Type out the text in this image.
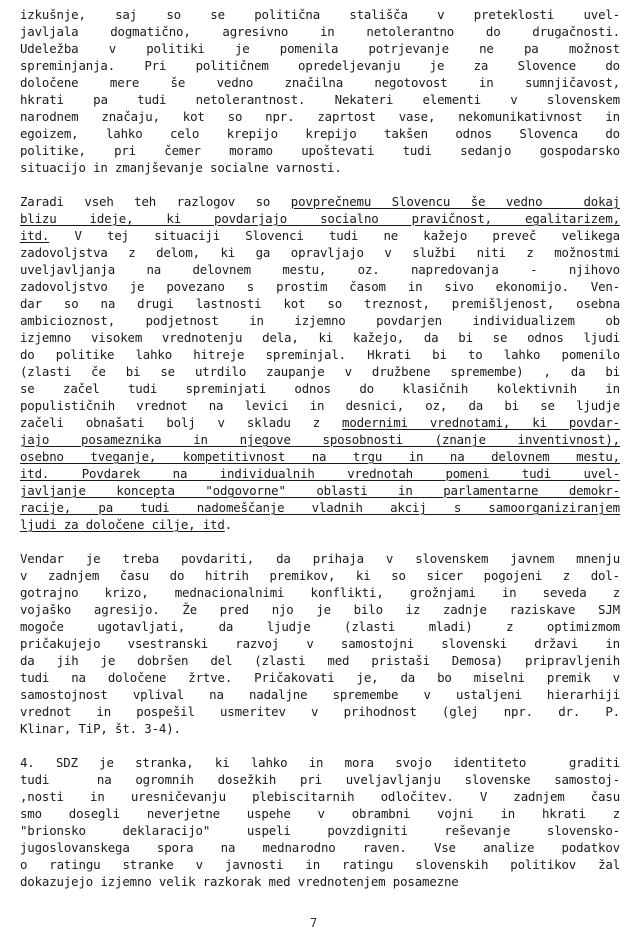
izkušnje, saj so se politična stališča v preteklosti uvel-
javljala dogmatično, agresivno in netolerantno do drugačnosti.
Udeležba v politiki je pomenila potrjevanje ne pa možnost
spreminjanja. Pri političnem opredeljevanju je za Slovence do
določene mere še vedno značilna negotovost in sumnjičavost,
hkrati pa tudi netolerantnost. Nekateri elementi v slovenskem
narodnem značaju, kot so npr. zaprtost vase, nekomunikativnost in
egoizem, lahko celo krepijo krepijo takšen odnos Slovenca do
politike, pri čemer moramo upoštevati tudi sedanjo gospodarsko
situacijo in zmanjševanje socialne varnosti.
Zaradi vseh teh razlogov so povprečnemu Slovencu še vedno  dokaj
blizu ideje, ki povdarjajo socialno pravičnost, egalitarizem,
itd. V tej situaciji Slovenci tudi ne kažejo preveč velikega
zadovoljstva z delom, ki ga opravljajo v službi niti z možnostmi
uveljavljanja na delovnem mestu, oz. napredovanja - njihovo
zadovoljstvo je povezano s prostim časom in sivo ekonomijo. Ven-
dar so na drugi lastnosti kot so treznost, premišljenost, osebna
ambicioznost, podjetnost in izjemno povdarjen individualizem ob
izjemno visokem vrednotenju dela, ki kažejo, da bi se odnos ljudi
do politike lahko hitreje spreminjal. Hkrati bi to lahko pomenilo
(zlasti če bi se utrdilo zaupanje v družbene spremembe) , da bi
se začel tudi spreminjati odnos do klasičnih kolektivnih in
populističnih vrednot na levici in desnici, oz, da bi se ljudje
začeli obnašati bolj v skladu z modernimi vrednotami, ki povdar-
jajo posameznika in njegove sposobnosti (znanje inventivnost),
osebno tveganje, kompetitivnost na trgu in na delovnem mestu,
itd. Povdarek na individualnih vrednotah pomeni tudi uvel-
javljanje koncepta "odgovorne" oblasti in parlamentarne demokr-
racije, pa tudi nadomeščanje vladnih akcij s samoorganiziranjem
ljudi za določene cilje, itd.
Vendar je treba povdariti, da prihaja v slovenskem javnem mnenju
v zadnjem času do hitrih premikov, ki so sicer pogojeni z dol-
gotrajno krizo, mednacionalnimi konflikti, grožnjami in seveda z
vojaško agresijo. Že pred njo je bilo iz zadnje raziskave SJM
mogoče ugotavljati, da ljudje (zlasti mladi) z optimizmom
pričakujejo vsestranski razvoj v samostojni slovenski državi in
da jih je dobršen del (zlasti med pristaši Demosa) pripravljenih
tudi na določene žrtve. Pričakovati je, da bo miselni premik v
samostojnost vplival na nadaljne spremembe v ustaljeni hierarhiji
vrednot in pospešil usmeritev v prihodnost (glej npr. dr. P.
Klinar, TiP, št. 3-4).
4. SDZ je stranka, ki lahko in mora svojo identiteto  graditi
tudi  na ogromnih dosežkih pri uveljavljanju slovenske samostoj-
,nosti in uresničevanju plebiscitarnih odločitev. V zadnjem času
smo dosegli neverjetne uspehe v obrambni vojni in hkrati z
"brionsko deklaracijo" uspeli povzdigniti reševanje slovensko-
jugoslovanskega spora na mednarodno raven. Vse analize podatkov
o ratingu stranke v javnosti in ratingu slovenskih politikov žal
dokazujejo izjemno velik razkorak med vrednotenjem posamezne
7
